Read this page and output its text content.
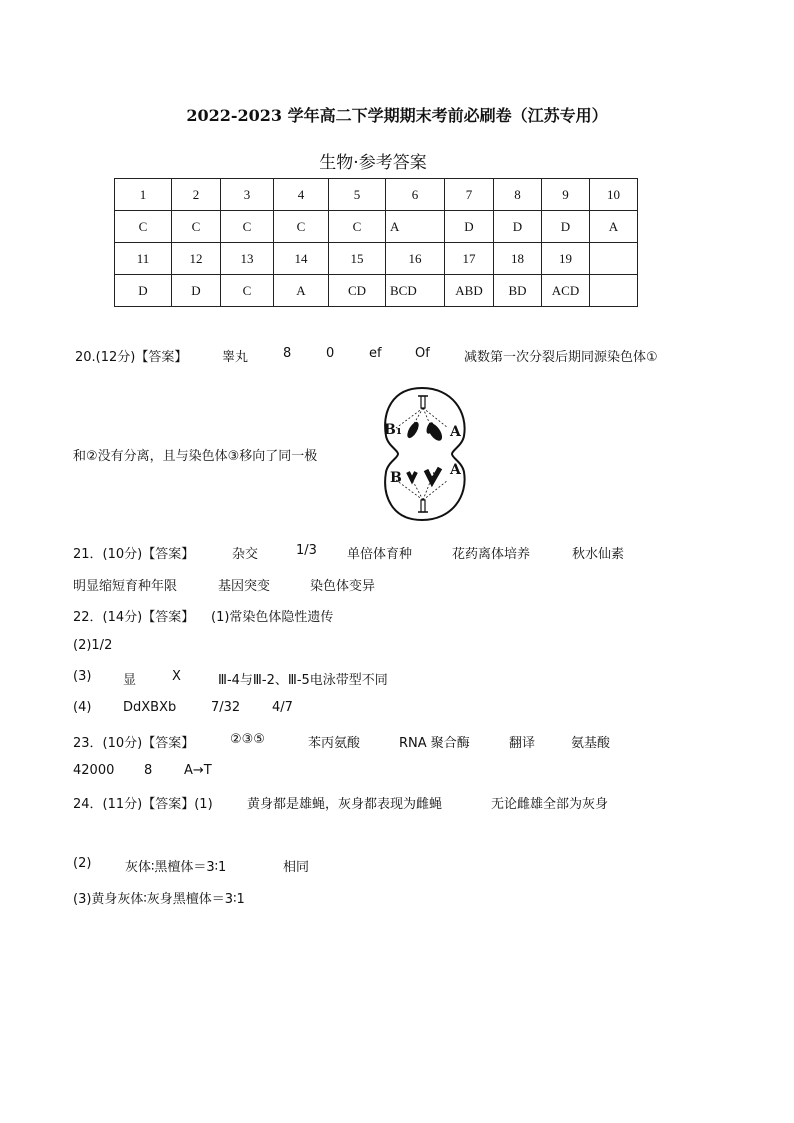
2022-2023 学年高二下学期期末考前必刷卷（江苏专用）
生物·参考答案
1	2	3	4	5	6	7	8	9	10
C	C	C	C	C	A	D	D	D	A
11	12	13	14	15	16	17	18	19	
D	D	C	A	CD	BCD	ABD	BD	ACD	
20.(12分)【答案】	睾丸	8	0	ef	Of	减数第一次分裂后期同源染色体①
和②没有分离，且与染色体③移向了同一极
B₁	A
B	A
21．(10分)【答案】	杂交	1/3 单倍体育种	花药离体培养	秋水仙素
明显缩短育种年限	基因突变	染色体变异
22．(14分)【答案】 (1)常染色体隐性遗传
(2)1/2
(3) 显	X	Ⅲ-4与Ⅲ-2、Ⅲ-5电泳带型不同
(4) DdXBXb	7/32 4/7
23．(10分)【答案】	②③⑤	苯丙氨酸	RNA 聚合酶	翻译	氨基酸
42000 8 A→T
24．(11分)【答案】(1)	黄身都是雄蝇，灰身都表现为雌蝇	无论雌雄全部为灰身
(2)	灰体∶黑檀体＝3∶1	相同
(3)黄身灰体∶灰身黑檀体＝3∶1
